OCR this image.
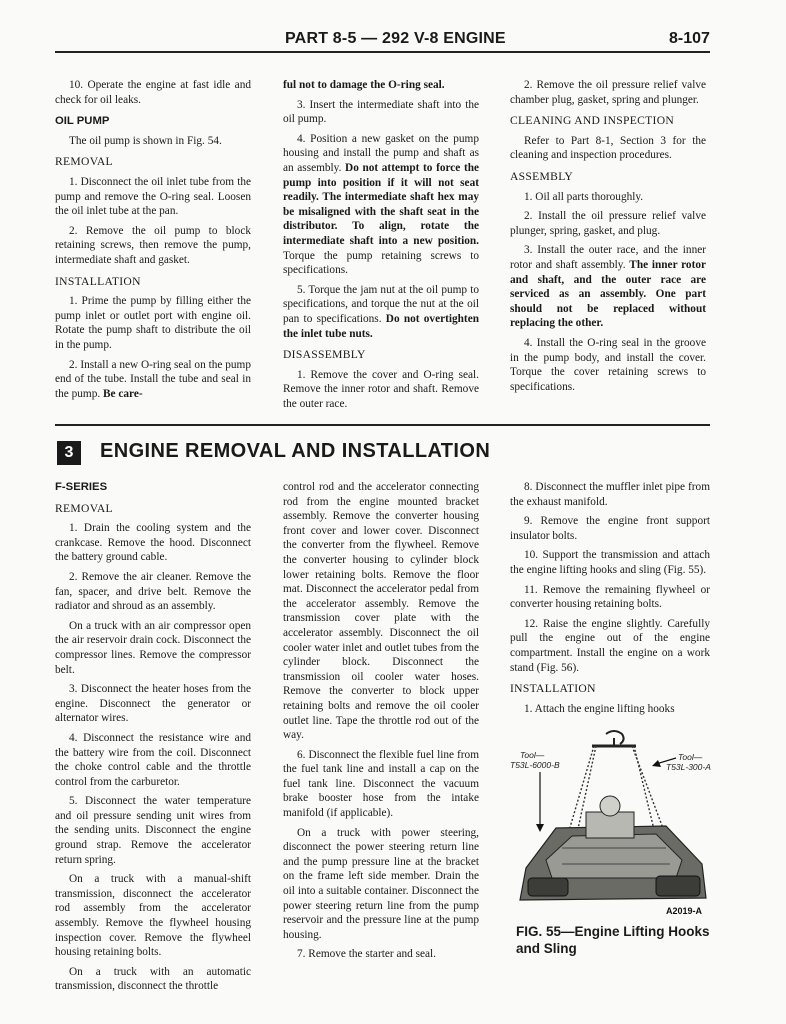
PART 8-5 — 292 V-8 ENGINE	8-107

10. Operate the engine at fast idle and check for oil leaks.

OIL PUMP

The oil pump is shown in Fig. 54.

REMOVAL

1. Disconnect the oil inlet tube from the pump and remove the O-ring seal. Loosen the oil inlet tube at the pan.

2. Remove the oil pump to block retaining screws, then remove the pump, intermediate shaft and gasket.

INSTALLATION

1. Prime the pump by filling either the pump inlet or outlet port with engine oil. Rotate the pump shaft to distribute the oil in the pump.

2. Install a new O-ring seal on the pump end of the tube. Install the tube and seal in the pump. Be care-

ful not to damage the O-ring seal.

3. Insert the intermediate shaft into the oil pump.

4. Position a new gasket on the pump housing and install the pump and shaft as an assembly. Do not attempt to force the pump into position if it will not seat readily. The intermediate shaft hex may be misaligned with the shaft seat in the distributor. To align, rotate the intermediate shaft into a new position. Torque the pump retaining screws to specifications.

5. Torque the jam nut at the oil pump to specifications, and torque the nut at the oil pan to specifications. Do not overtighten the inlet tube nuts.

DISASSEMBLY

1. Remove the cover and O-ring seal. Remove the inner rotor and shaft. Remove the outer race.

2. Remove the oil pressure relief valve chamber plug, gasket, spring and plunger.

CLEANING AND INSPECTION

Refer to Part 8-1, Section 3 for the cleaning and inspection procedures.

ASSEMBLY

1. Oil all parts thoroughly.

2. Install the oil pressure relief valve plunger, spring, gasket, and plug.

3. Install the outer race, and the inner rotor and shaft assembly. The inner rotor and shaft, and the outer race are serviced as an assembly. One part should not be replaced without replacing the other.

4. Install the O-ring seal in the groove in the pump body, and install the cover. Torque the cover retaining screws to specifications.

3	ENGINE REMOVAL AND INSTALLATION
F-SERIES
REMOVAL

1. Drain the cooling system and the crankcase. Remove the hood. Disconnect the battery ground cable.

2. Remove the air cleaner. Remove the fan, spacer, and drive belt. Remove the radiator and shroud as an assembly.

On a truck with an air compressor open the air reservoir drain cock. Disconnect the compressor lines. Remove the compressor belt.

3. Disconnect the heater hoses from the engine. Disconnect the generator or alternator wires.

4. Disconnect the resistance wire and the battery wire from the coil. Disconnect the choke control cable and the throttle control from the carburetor.

5. Disconnect the water temperature and oil pressure sending unit wires from the sending units. Disconnect the engine ground strap. Remove the accelerator return spring.

On a truck with a manual-shift transmission, disconnect the accelerator rod assembly from the accelerator assembly. Remove the flywheel housing inspection cover. Remove the flywheel housing retaining bolts.

On a truck with an automatic transmission, disconnect the throttle

control rod and the accelerator connecting rod from the engine mounted bracket assembly. Remove the converter housing front cover and lower cover. Disconnect the converter from the flywheel. Remove the converter housing to cylinder block lower retaining bolts. Remove the floor mat. Disconnect the accelerator pedal from the accelerator assembly. Remove the transmission cover plate with the accelerator assembly. Disconnect the oil cooler water inlet and outlet tubes from the cylinder block. Disconnect the transmission oil cooler water hoses. Remove the converter to block upper retaining bolts and remove the oil cooler outlet line. Tape the throttle rod out of the way.

6. Disconnect the flexible fuel line from the fuel tank line and install a cap on the fuel tank line. Disconnect the vacuum brake booster hose from the intake manifold (if applicable).

On a truck with power steering, disconnect the power steering return line and the pump pressure line at the bracket on the frame left side member. Drain the oil into a suitable container. Disconnect the power steering return line from the pump reservoir and the pressure line at the pump housing.

7. Remove the starter and seal.

8. Disconnect the muffler inlet pipe from the exhaust manifold.

9. Remove the engine front support insulator bolts.

10. Support the transmission and attach the engine lifting hooks and sling (Fig. 55).

11. Remove the remaining flywheel or converter housing retaining bolts.

12. Raise the engine slightly. Carefully pull the engine out of the engine compartment. Install the engine on a work stand (Fig. 56).

INSTALLATION

1. Attach the engine lifting hooks

Tool—
T53L-6000-B
Tool—
T53L-300-A
A2019-A
FIG. 55—Engine Lifting Hooks and Sling
